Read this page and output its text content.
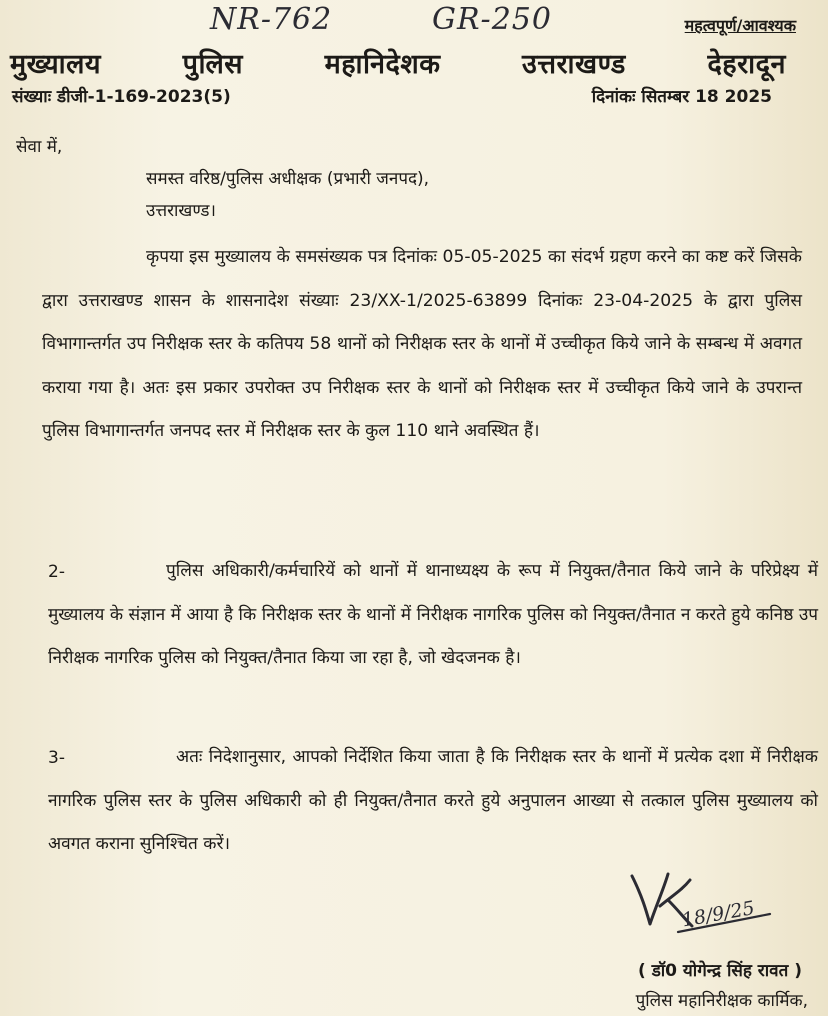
NR-762	GR-250	महत्वपूर्ण/आवश्यक
मुख्यालय	पुलिस	महानिदेशक	उत्तराखण्ड	देहरादून
संख्याः डीजी-1-169-2023(5)	दिनांकः सितम्बर 18 2025
सेवा में,
समस्त वरिष्ठ/पुलिस अधीक्षक (प्रभारी जनपद),
उत्तराखण्ड।
कृपया इस मुख्यालय के समसंख्यक पत्र दिनांकः 05-05-2025 का संदर्भ ग्रहण करने का कष्ट करें जिसके द्वारा उत्तराखण्ड शासन के शासनादेश संख्याः 23/XX-1/2025-63899 दिनांकः 23-04-2025 के द्वारा पुलिस विभागान्तर्गत उप निरीक्षक स्तर के कतिपय 58 थानों को निरीक्षक स्तर के थानों में उच्चीकृत किये जाने के सम्बन्ध में अवगत कराया गया है। अतः इस प्रकार उपरोक्त उप निरीक्षक स्तर के थानों को निरीक्षक स्तर में उच्चीकृत किये जाने के उपरान्त पुलिस विभागान्तर्गत जनपद स्तर में निरीक्षक स्तर के कुल 110 थाने अवस्थित हैं।
2-	पुलिस अधिकारी/कर्मचारियें को थानों में थानाध्यक्ष्य के रूप में नियुक्त/तैनात किये जाने के परिप्रेक्ष्य में मुख्यालय के संज्ञान में आया है कि निरीक्षक स्तर के थानों में निरीक्षक नागरिक पुलिस को नियुक्त/तैनात न करते हुये कनिष्ठ उप निरीक्षक नागरिक पुलिस को नियुक्त/तैनात किया जा रहा है, जो खेदजनक है।
3-	अतः निदेशानुसार, आपको निर्देशित किया जाता है कि निरीक्षक स्तर के थानों में प्रत्येक दशा में निरीक्षक नागरिक पुलिस स्तर के पुलिस अधिकारी को ही नियुक्त/तैनात करते हुये अनुपालन आख्या से तत्काल पुलिस मुख्यालय को अवगत कराना सुनिश्चित करें।
18/9/25
( डॉ0 योगेन्द्र सिंह रावत )
पुलिस महानिरीक्षक कार्मिक,
